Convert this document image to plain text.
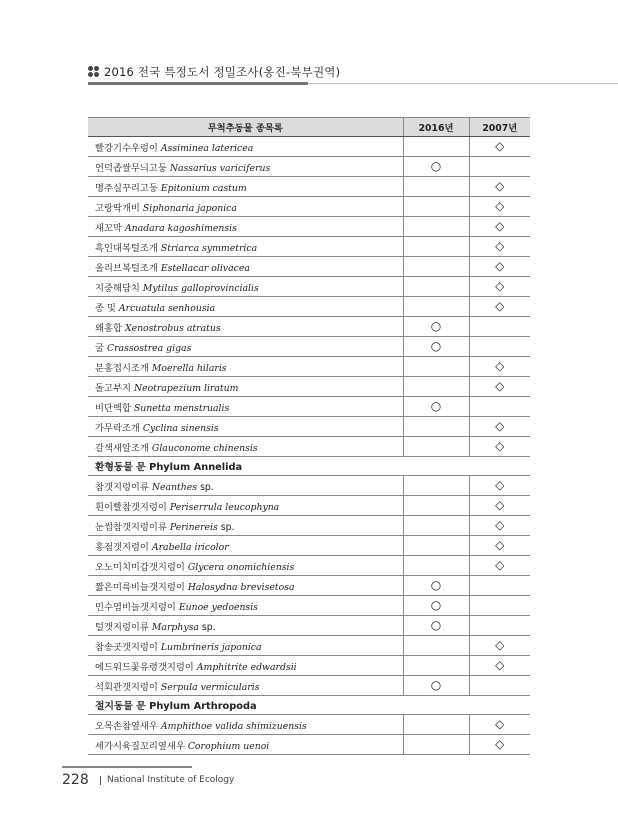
2016 전국 특정도서 정밀조사(옹진-북부권역)
무척추동물 종목록	2016년	2007년
빨강기수우렁이 Assiminea latericea		◇
언덕좁쌀무늬고둥 Nassarius variciferus	○	
명주실꾸리고둥 Epitonium castum		◇
고랑딱개비 Siphonaria japonica		◇
새꼬막 Anadara kagoshimensis		◇
흑인대복털조개 Striarca symmetrica		◇
올리브복털조개 Estellacar olivacea		◇
지중해담치 Mytilus galloprovincialis		◇
종 및 Arcuatula senhousia		◇
왜홍합 Xenostrobus atratus	○	
굴 Crassostrea gigas	○	
분홍접시조개 Moerella hilaris		◇
돌고부지 Neotrapezium liratum		◇
비단백합 Sunetta menstrualis	○	
가무락조개 Cyclina sinensis		◇
갈색새알조개 Glauconome chinensis		◇
환형동물 문 Phylum Annelida		
참갯지렁이류 Neanthes sp.		◇
흰이빨참갯지렁이 Periserrula leucophyna		◇
눈썹참갯지렁이류 Perinereis sp.		◇
홍점갯지렁이 Arabella iricolor		◇
오노미치미갑갯지렁이 Glycera onomichiensis		◇
짧은미륵비늘갯지렁이 Halosydna brevisetosa	○	
민수염비늘갯지렁이 Eunoe yedoensis	○	
털갯지렁이류 Marphysa sp.	○	
참송곳갯지렁이 Lumbrineris japonica		◇
에드워드꽃유령갯지렁이 Amphitrite edwardsii		◇
석회관갯지렁이 Serpula vermicularis	○	
절지동물 문 Phylum Arthropoda		
오목손참옆새우 Amphithoe valida shimizuensis		◇
세가시육질꼬리옆새우 Corophium uenoi		◇
228 National Institute of Ecology
